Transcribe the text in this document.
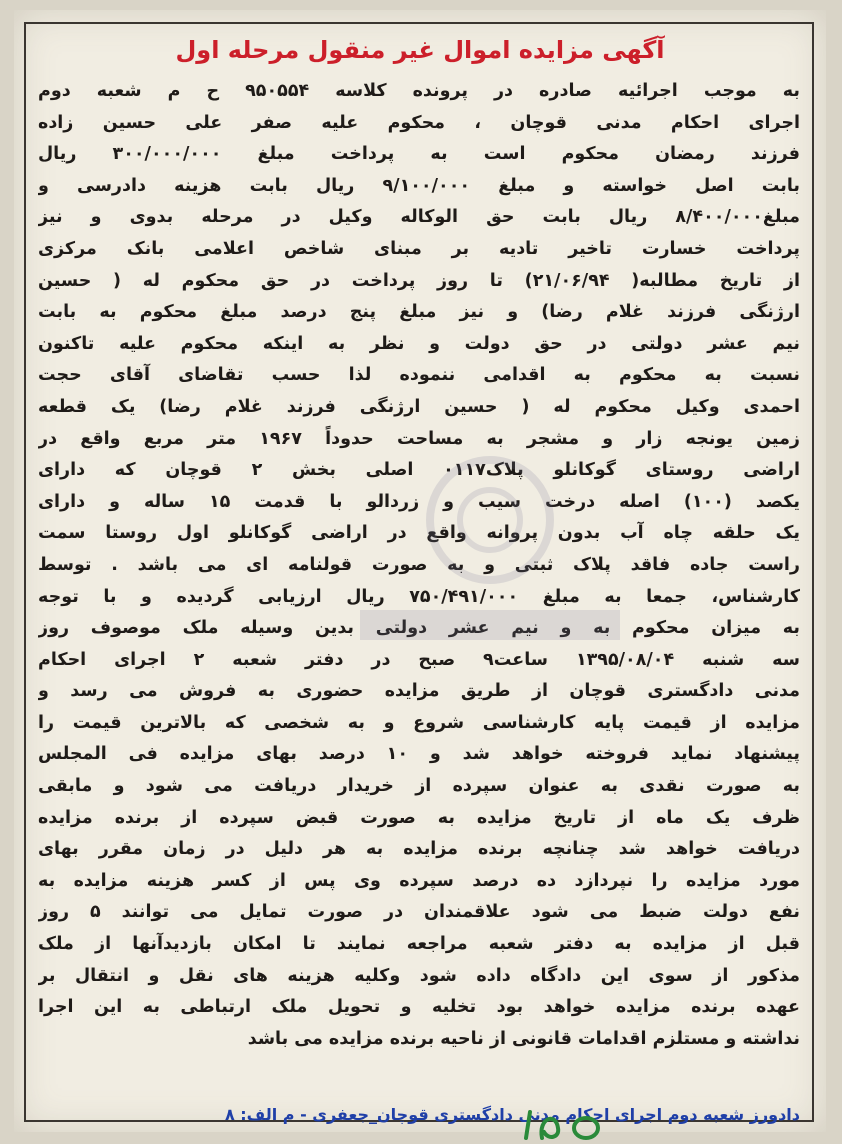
آگهی مزایده اموال غیر منقول مرحله اول
به موجب اجرائیه صادره در پرونده کلاسه ۹۵۰۵۵۴ ح م شعبه دوم
اجرای احکام مدنی قوچان ، محکوم علیه صفر علی حسین زاده
فرزند رمضان محکوم است به پرداخت مبلغ ۳۰۰/۰۰۰/۰۰۰ ریال
بابت اصل خواسته و مبلغ ۹/۱۰۰/۰۰۰ ریال بابت هزینه دادرسی و
مبلغ۸/۴۰۰/۰۰۰ ریال بابت حق الوکاله وکیل در مرحله بدوی و نیز
پرداخت خسارت تاخیر تادیه بر مبنای شاخص اعلامی بانک مرکزی
از تاریخ مطالبه( ۲۱/۰۶/۹۴) تا روز پرداخت در حق محکوم له ( حسین
ارژنگی فرزند غلام رضا) و نیز مبلغ پنج درصد مبلغ محکوم به بابت
نیم عشر دولتی در حق دولت و نظر به اینکه محکوم علیه تاکنون
نسبت به محکوم به اقدامی ننموده لذا حسب تقاضای آقای حجت
احمدی وکیل محکوم له ( حسین ارژنگی فرزند غلام رضا) یک قطعه
زمین یونجه زار و مشجر به مساحت حدوداً ۱۹۶۷ متر مربع واقع در
اراضی روستای گوکانلو پلاک۰۱۱۷ اصلی بخش ۲ قوچان که دارای
یکصد (۱۰۰) اصله درخت سیب و زردالو با قدمت ۱۵ ساله و دارای
یک حلقه چاه آب بدون پروانه واقع در اراضی گوکانلو اول روستا سمت
راست جاده فاقد پلاک ثبتی و به صورت قولنامه ای می باشد . توسط
کارشناس، جمعا به مبلغ ۷۵۰/۴۹۱/۰۰۰ ریال ارزیابی گردیده و با توجه
به میزان محکوم به و نیم عشر دولتی بدین وسیله ملک موصوف روز
سه شنبه ۱۳۹۵/۰۸/۰۴ ساعت۹ صبح در دفتر شعبه ۲ اجرای احکام
مدنی دادگستری قوچان از طریق مزایده حضوری به فروش می رسد و
مزایده از قیمت پایه کارشناسی شروع و به شخصی که بالاترین قیمت را
پیشنهاد نماید فروخته خواهد شد و ۱۰ درصد بهای مزایده فی المجلس
به صورت نقدی به عنوان سپرده از خریدار دریافت می شود و مابقی
ظرف یک ماه از تاریخ مزایده به صورت قبض سپرده از برنده مزایده
دریافت خواهد شد چنانچه برنده مزایده به هر دلیل در زمان مقرر بهای
مورد مزایده را نپردازد ده درصد سپرده وی پس از کسر هزینه مزایده به
نفع دولت ضبط می شود علاقمندان در صورت تمایل می توانند ۵ روز
قبل از مزایده به دفتر شعبه مراجعه نمایند تا امکان بازدیدآنها از ملک
مذکور از سوی این دادگاه داده شود وکلیه هزینه های نقل و انتقال بر
عهده برنده مزایده خواهد بود تخلیه و تحویل ملک ارتباطی به این اجرا
نداشته و مستلزم اقدامات قانونی از ناحیه برنده مزایده می باشد
دادورز شعبه دوم اجرای احکام مدنی دادگستری قوچان_جعفری - م الف: ۸
